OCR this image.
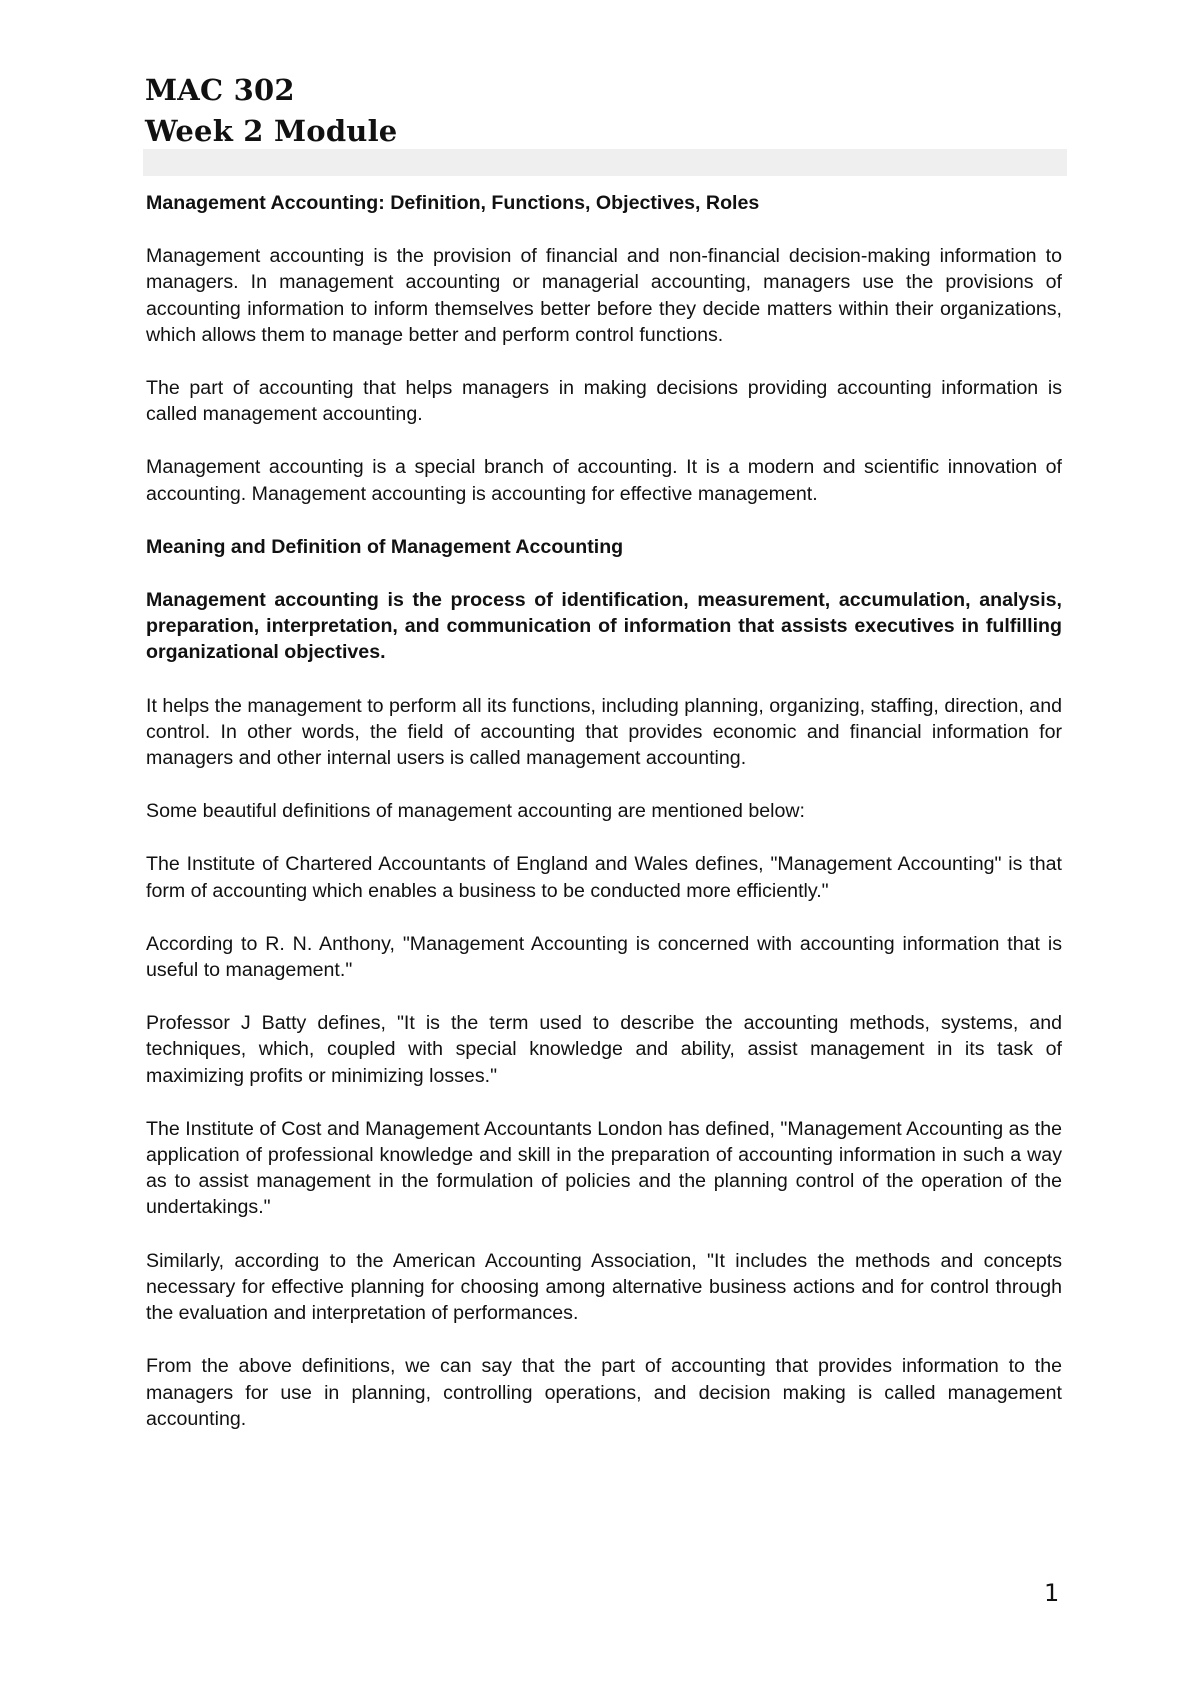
MAC 302
Week 2 Module

Management Accounting: Definition, Functions, Objectives, Roles

Management accounting is the provision of financial and non-financial decision-making information to managers. In management accounting or managerial accounting, managers use the provisions of accounting information to inform themselves better before they decide matters within their organizations, which allows them to manage better and perform control functions.

The part of accounting that helps managers in making decisions providing accounting information is called management accounting.

Management accounting is a special branch of accounting. It is a modern and scientific innovation of accounting. Management accounting is accounting for effective management.

Meaning and Definition of Management Accounting

Management accounting is the process of identification, measurement, accumulation, analysis, preparation, interpretation, and communication of information that assists executives in fulfilling organizational objectives.

It helps the management to perform all its functions, including planning, organizing, staffing, direction, and control. In other words, the field of accounting that provides economic and financial information for managers and other internal users is called management accounting.

Some beautiful definitions of management accounting are mentioned below:

The Institute of Chartered Accountants of England and Wales defines, "Management Accounting" is that form of accounting which enables a business to be conducted more efficiently."

According to R. N. Anthony, "Management Accounting is concerned with accounting information that is useful to management."

Professor J Batty defines, "It is the term used to describe the accounting methods, systems, and techniques, which, coupled with special knowledge and ability, assist management in its task of maximizing profits or minimizing losses."

The Institute of Cost and Management Accountants London has defined, "Management Accounting as the application of professional knowledge and skill in the preparation of accounting information in such a way as to assist management in the formulation of policies and the planning control of the operation of the undertakings."

Similarly, according to the American Accounting Association, "It includes the methods and concepts necessary for effective planning for choosing among alternative business actions and for control through the evaluation and interpretation of performances.

From the above definitions, we can say that the part of accounting that provides information to the managers for use in planning, controlling operations, and decision making is called management accounting.

1
